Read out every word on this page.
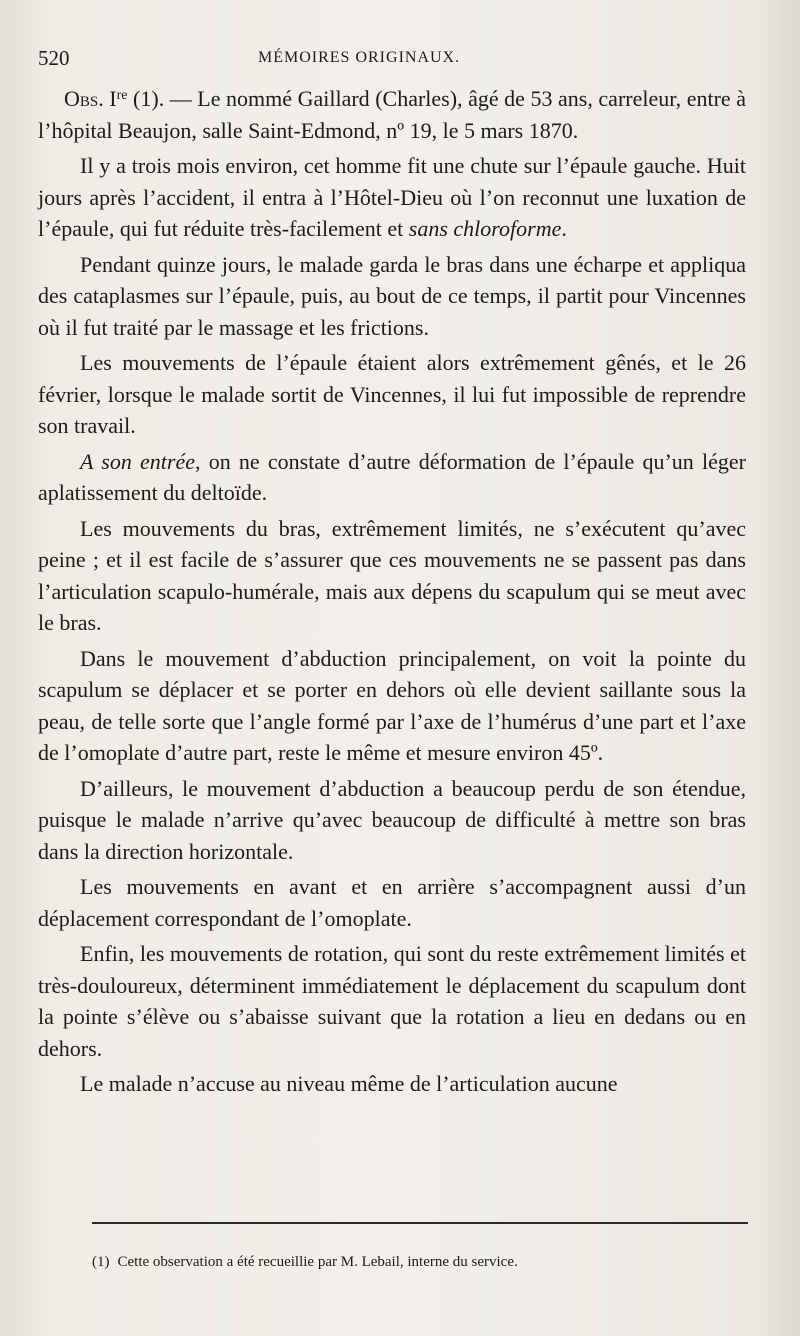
520	MÉMOIRES ORIGINAUX.

Obs. Ire (1). — Le nommé Gaillard (Charles), âgé de 53 ans, carreleur, entre à l’hôpital Beaujon, salle Saint-Edmond, nº 19, le 5 mars 1870.

Il y a trois mois environ, cet homme fit une chute sur l’épaule gauche. Huit jours après l’accident, il entra à l’Hôtel-Dieu où l’on reconnut une luxation de l’épaule, qui fut réduite très-facilement et sans chloroforme.

Pendant quinze jours, le malade garda le bras dans une écharpe et appliqua des cataplasmes sur l’épaule, puis, au bout de ce temps, il partit pour Vincennes où il fut traité par le massage et les frictions.

Les mouvements de l’épaule étaient alors extrêmement gênés, et le 26 février, lorsque le malade sortit de Vincennes, il lui fut impossible de reprendre son travail.

A son entrée, on ne constate d’autre déformation de l’épaule qu’un léger aplatissement du deltoïde.

Les mouvements du bras, extrêmement limités, ne s’exécutent qu’avec peine ; et il est facile de s’assurer que ces mouvements ne se passent pas dans l’articulation scapulo-humérale, mais aux dépens du scapulum qui se meut avec le bras.

Dans le mouvement d’abduction principalement, on voit la pointe du scapulum se déplacer et se porter en dehors où elle devient saillante sous la peau, de telle sorte que l’angle formé par l’axe de l’humérus d’une part et l’axe de l’omoplate d’autre part, reste le même et mesure environ 45º.

D’ailleurs, le mouvement d’abduction a beaucoup perdu de son étendue, puisque le malade n’arrive qu’avec beaucoup de difficulté à mettre son bras dans la direction horizontale.

Les mouvements en avant et en arrière s’accompagnent aussi d’un déplacement correspondant de l’omoplate.

Enfin, les mouvements de rotation, qui sont du reste extrêmement limités et très-douloureux, déterminent immédiatement le déplacement du scapulum dont la pointe s’élève ou s’abaisse suivant que la rotation a lieu en dedans ou en dehors.

Le malade n’accuse au niveau même de l’articulation aucune

(1) Cette observation a été recueillie par M. Lebail, interne du service.
